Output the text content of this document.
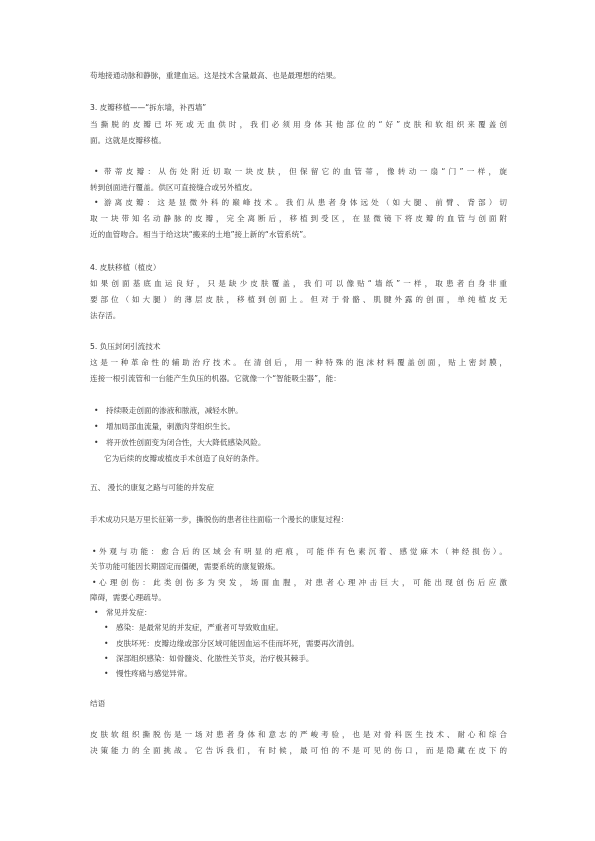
苟地接通动脉和静脉，重建血运。这是技术含量最高、也是最理想的结果。
3. 皮瓣移植——“拆东墙，补西墙”
当撕脱的皮瓣已坏死或无血供时，我们必须用身体其他部位的“好”皮肤和软组织来覆盖创
面。这就是皮瓣移植。
• 带蒂皮瓣：从伤处附近切取一块皮肤，但保留它的血管蒂，像转动一扇“门”一样，旋
转到创面进行覆盖。供区可直接缝合或另外植皮。
• 游离皮瓣：这是显微外科的巅峰技术。我们从患者身体远处（如大腿、前臂、背部）切
取一块带知名动静脉的皮瓣，完全离断后，移植到受区，在显微镜下将皮瓣的血管与创面附
近的血管吻合。相当于给这块“搬来的土地”接上新的“水管系统”。
4. 皮肤移植（植皮）
如果创面基底血运良好，只是缺少皮肤覆盖，我们可以像贴“墙纸”一样，取患者自身非重
要部位（如大腿）的薄层皮肤，移植到创面上。但对于骨骼、肌腱外露的创面，单纯植皮无
法存活。
5. 负压封闭引流技术
这是一种革命性的辅助治疗技术。在清创后，用一种特殊的泡沫材料覆盖创面，贴上密封膜，
连接一根引流管和一台能产生负压的机器。它就像一个“智能吸尘器”，能：
• 持续吸走创面的渗液和脓液，减轻水肿。
• 增加局部血流量，刺激肉芽组织生长。
• 将开放性创面变为闭合性，大大降低感染风险。
它为后续的皮瓣或植皮手术创造了良好的条件。
五、 漫长的康复之路与可能的并发症
手术成功只是万里长征第一步，撕脱伤的患者往往面临一个漫长的康复过程：
• 外观与功能：愈合后的区域会有明显的疤痕，可能伴有色素沉着、感觉麻木（神经损伤）。
关节功能可能因长期固定而僵硬，需要系统的康复锻炼。
• 心理创伤：此类创伤多为突发，场面血腥，对患者心理冲击巨大，可能出现创伤后应激
障碍，需要心理疏导。
• 常见并发症：
• 感染：是最常见的并发症，严重者可导致败血症。
• 皮肤坏死：皮瓣边缘或部分区域可能因血运不佳而坏死，需要再次清创。
• 深部组织感染：如骨髓炎、化脓性关节炎，治疗极其棘手。
• 慢性疼痛与感觉异常。
结语
皮肤软组织撕脱伤是一场对患者身体和意志的严峻考验，也是对骨科医生技术、耐心和综合
决策能力的全面挑战。它告诉我们，有时候，最可怕的不是可见的伤口，而是隐藏在皮下的
